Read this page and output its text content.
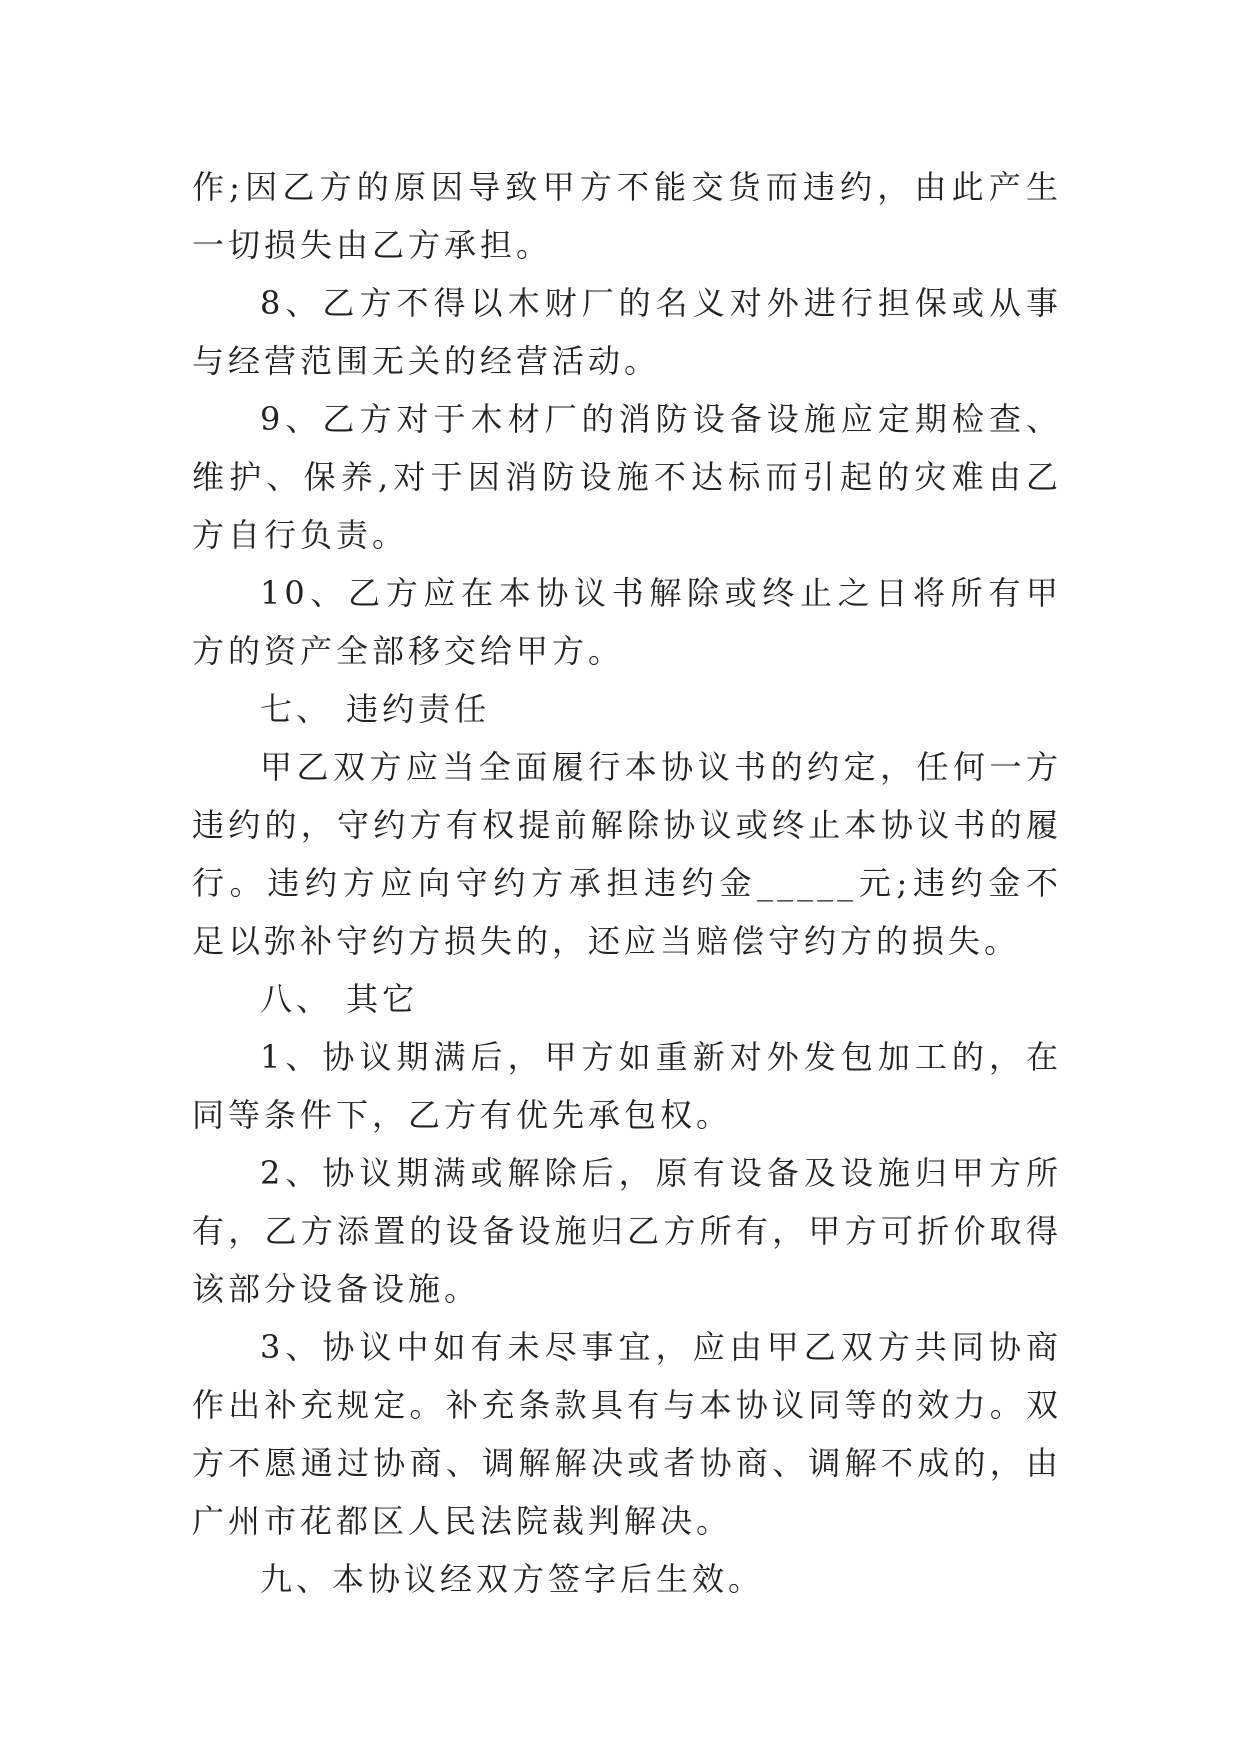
作;因乙方的原因导致甲方不能交货而违约，由此产生一切损失由乙方承担。

8、乙方不得以木财厂的名义对外进行担保或从事与经营范围无关的经营活动。

9、乙方对于木材厂的消防设备设施应定期检查、维护、保养,对于因消防设施不达标而引起的灾难由乙方自行负责。

10、乙方应在本协议书解除或终止之日将所有甲方的资产全部移交给甲方。

七、 违约责任

甲乙双方应当全面履行本协议书的约定，任何一方违约的，守约方有权提前解除协议或终止本协议书的履行。违约方应向守约方承担违约金_____元;违约金不足以弥补守约方损失的，还应当赔偿守约方的损失。

八、 其它

1、协议期满后，甲方如重新对外发包加工的，在同等条件下，乙方有优先承包权。

2、协议期满或解除后，原有设备及设施归甲方所有，乙方添置的设备设施归乙方所有，甲方可折价取得该部分设备设施。

3、协议中如有未尽事宜，应由甲乙双方共同协商作出补充规定。补充条款具有与本协议同等的效力。双方不愿通过协商、调解解决或者协商、调解不成的，由广州市花都区人民法院裁判解决。

九、本协议经双方签字后生效。
